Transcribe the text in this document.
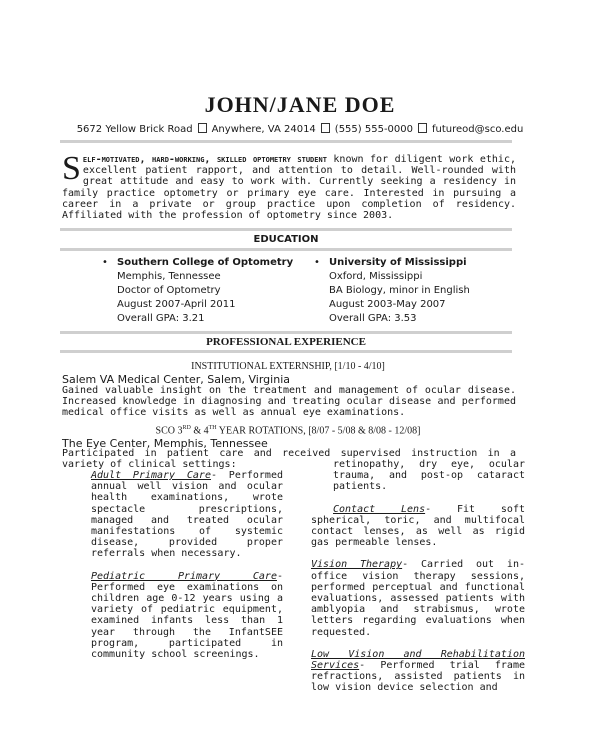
JOHN/JANE DOE
5672 Yellow Brick Road Anywhere, VA 24014 (555) 555-0000 futureod@sco.edu
Self-motivated, hard-working, skilled optometry student known for diligent work ethic, excellent patient rapport, and attention to detail. Well-rounded with great attitude and easy to work with. Currently seeking a residency in family practice optometry or primary eye care. Interested in pursuing a career in a private or group practice upon completion of residency. Affiliated with the profession of optometry since 2003.
EDUCATION
• Southern College of Optometry
Memphis, Tennessee
Doctor of Optometry
August 2007-April 2011
Overall GPA: 3.21
• University of Mississippi
Oxford, Mississippi
BA Biology, minor in English
August 2003-May 2007
Overall GPA: 3.53
PROFESSIONAL EXPERIENCE
INSTITUTIONAL EXTERNSHIP, [1/10 - 4/10]
Salem VA Medical Center, Salem, Virginia
Gained valuable insight on the treatment and management of ocular disease. Increased knowledge in diagnosing and treating ocular disease and performed medical office visits as well as annual eye examinations.
SCO 3RD & 4TH YEAR ROTATIONS, [8/07 - 5/08 & 8/08 - 12/08]
The Eye Center, Memphis, Tennessee
Participated in patient care and received supervised instruction in a variety of clinical settings:
Adult Primary Care- Performed annual well vision and ocular health examinations, wrote spectacle prescriptions, managed and treated ocular manifestations of systemic disease, provided proper referrals when necessary.
Pediatric Primary Care- Performed eye examinations on children age 0-12 years using a variety of pediatric equipment, examined infants less than 1 year through the InfantSEE program, participated in community school screenings.
retinopathy, dry eye, ocular trauma, and post-op cataract patients.
Contact Lens- Fit soft spherical, toric, and multifocal contact lenses, as well as rigid gas permeable lenses.
Vision Therapy- Carried out in-office vision therapy sessions, performed perceptual and functional evaluations, assessed patients with amblyopia and strabismus, wrote letters regarding evaluations when requested.
Low Vision and Rehabilitation Services- Performed trial frame refractions, assisted patients in low vision device selection and
